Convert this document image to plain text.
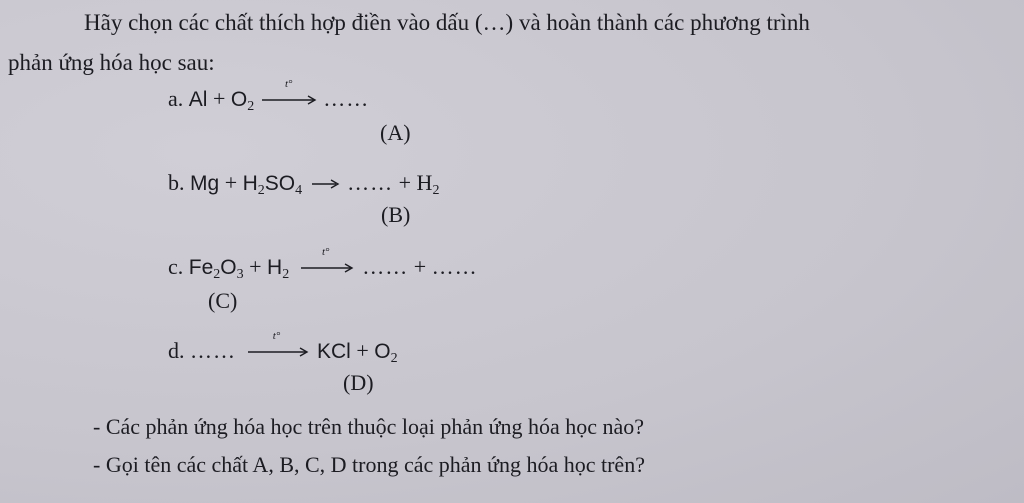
Hãy chọn các chất thích hợp điền vào dấu (…) và hoàn thành các phương trình
phản ứng hóa học sau:
a. $Al + O_2$
t°
……
(A)
b. $Mg + H_2SO_4$ …… + $H_2$
(B)
c. $Fe_2O_3 + H_2$
t°
…… + ……
(C)
d. ……
t°
KCl + $O_2$
(D)
- Các phản ứng hóa học trên thuộc loại phản ứng hóa học nào?
- Gọi tên các chất A, B, C, D trong các phản ứng hóa học trên?
